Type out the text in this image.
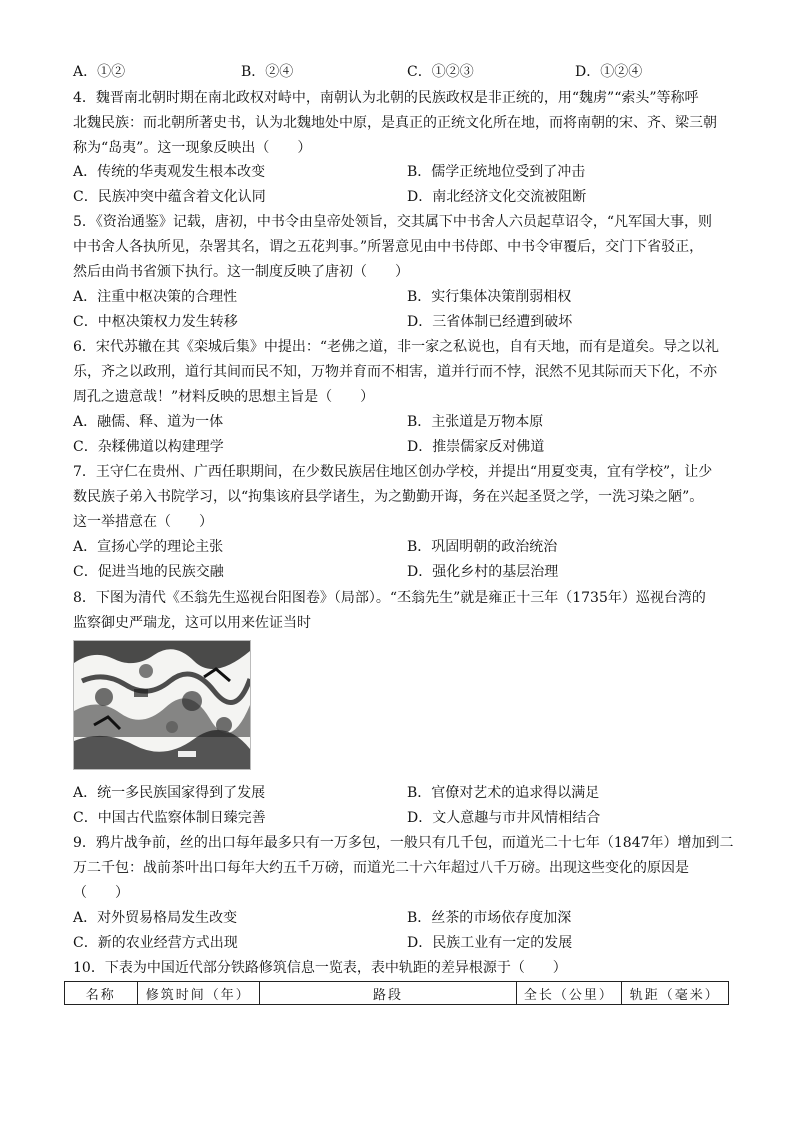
A．①②	B．②④	C．①②③	D．①②④
4．魏晋南北朝时期在南北政权对峙中，南朝认为北朝的民族政权是非正统的，用“魏虏”“索头”等称呼
北魏民族：而北朝所著史书，认为北魏地处中原，是真正的正统文化所在地，而将南朝的宋、齐、梁三朝
称为“岛夷”。这一现象反映出（　　）
A．传统的华夷观发生根本改变	B．儒学正统地位受到了冲击
C．民族冲突中蕴含着文化认同	D．南北经济文化交流被阻断
5．《资治通鉴》记载，唐初，中书令由皇帝处领旨，交其属下中书舍人六员起草诏令，“凡军国大事，则
中书舍人各执所见，杂署其名，谓之五花判事。”所署意见由中书侍郎、中书令审覆后，交门下省驳正，
然后由尚书省颁下执行。这一制度反映了唐初（　　）
A．注重中枢决策的合理性	B．实行集体决策削弱相权
C．中枢决策权力发生转移	D．三省体制已经遭到破坏
6．宋代苏辙在其《栾城后集》中提出：“老佛之道，非一家之私说也，自有天地，而有是道矣。导之以礼
乐，齐之以政刑，道行其间而民不知，万物并育而不相害，道并行而不悖，泯然不见其际而天下化，不亦
周孔之遗意哉！”材料反映的思想主旨是（　　）
A．融儒、释、道为一体	B．主张道是万物本原
C．杂糅佛道以构建理学	D．推崇儒家反对佛道
7．王守仁在贵州、广西任职期间，在少数民族居住地区创办学校，并提出“用夏变夷，宜有学校”，让少
数民族子弟入书院学习，以“拘集该府县学诸生，为之勤勤开诲，务在兴起圣贤之学，一洗习染之陋”。
这一举措意在（　　）
A．宣扬心学的理论主张	B．巩固明朝的政治统治
C．促进当地的民族交融	D．强化乡村的基层治理
8．下图为清代《丕翁先生巡视台阳图卷》（局部）。“丕翁先生”就是雍正十三年（1735年）巡视台湾的
监察御史严瑞龙，这可以用来佐证当时
A．统一多民族国家得到了发展	B．官僚对艺术的追求得以满足
C．中国古代监察体制日臻完善	D．文人意趣与市井风情相结合
9．鸦片战争前，丝的出口每年最多只有一万多包，一般只有几千包，而道光二十七年（1847年）增加到二
万二千包：战前茶叶出口每年大约五千万磅，而道光二十六年超过八千万磅。出现这些变化的原因是
（　　）
A．对外贸易格局发生改变	B．丝茶的市场依存度加深
C．新的农业经营方式出现	D．民族工业有一定的发展
10．下表为中国近代部分铁路修筑信息一览表，表中轨距的差异根源于（　　）
名称	修筑时间（年）	路段	全长（公里）	轨距（毫米）
